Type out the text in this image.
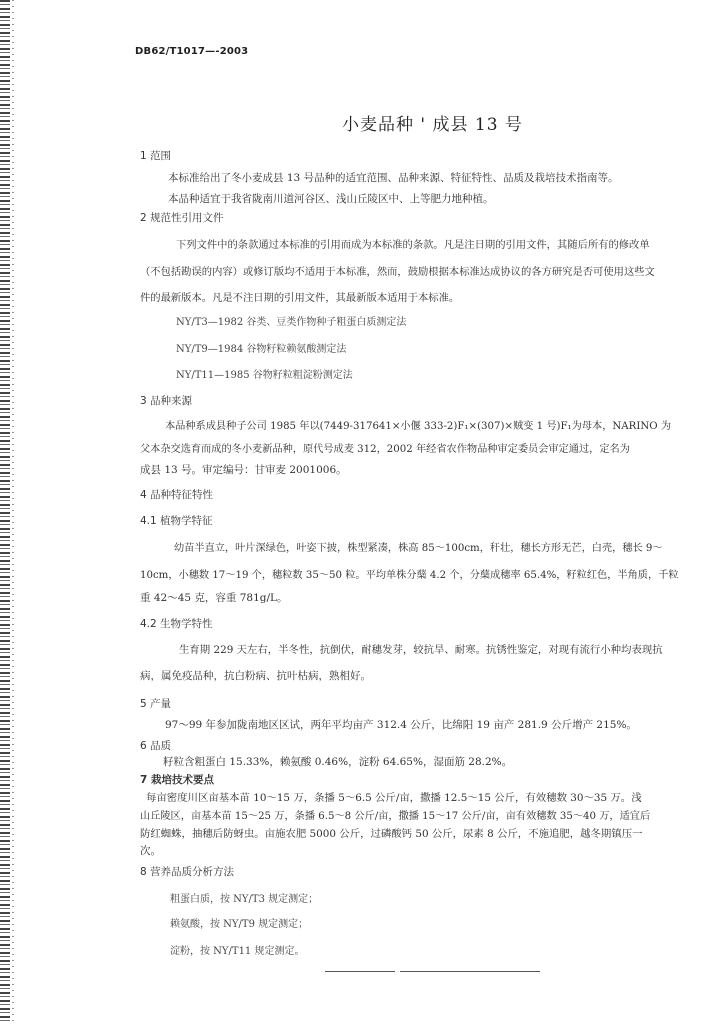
DB62/T1017—-2003
小麦品种 ' 成县 13 号
1 范围
本标准给出了冬小麦成县 13 号品种的适宜范围、品种来源、特征特性、品质及栽培技术指南等。
本品种适宜于我省陇南川道河谷区、浅山丘陵区中、上等肥力地种植。
2 规范性引用文件
下列文件中的条款通过本标准的引用而成为本标准的条款。凡是注日期的引用文件，其随后所有的修改单
（不包括勘误的内容）或修订版均不适用于本标准，然而，鼓励根据本标准达成协议的各方研究是否可使用这些文
件的最新版本。凡是不注日期的引用文件，其最新版本适用于本标准。
NY/T3—1982 谷类、豆类作物种子粗蛋白质测定法
NY/T9—1984 谷物籽粒赖氨酸测定法
NY/T11—1985 谷物籽粒粗淀粉测定法
3 品种来源
本品种系成县种子公司 1985 年以(7449-317641×小偃 333-2)F₁×(307)×贼变 1 号)F₁为母本，NARINO 为
父本杂交选育而成的冬小麦新品种，原代号成麦 312，2002 年经省农作物品种审定委员会审定通过，定名为
成县 13 号。审定编号：甘审麦 2001006。
4 品种特征特性
4.1 植物学特征
幼苗半直立，叶片深绿色，叶姿下披，株型紧凑，株高 85～100cm，秆壮，穗长方形无芒，白壳，穗长 9～
10cm，小穗数 17～19 个，穗粒数 35～50 粒。平均单株分蘖 4.2 个，分蘖成穗率 65.4%，籽粒红色，半角质，千粒
重 42～45 克，容重 781g/L。
4.2 生物学特性
生育期 229 天左右，半冬性，抗倒伏，耐穗发芽，较抗旱、耐寒。抗锈性鉴定，对现有流行小种均表现抗
病，属免疫品种，抗白粉病、抗叶枯病，熟相好。
5 产量
97～99 年参加陇南地区区试，两年平均亩产 312.4 公斤，比绵阳 19 亩产 281.9 公斤增产 215%。
6 品质
籽粒含粗蛋白 15.33%，赖氨酸 0.46%，淀粉 64.65%，湿面筋 28.2%。
7 栽培技术要点
每亩密度川区亩基本苗 10～15 万，条播 5～6.5 公斤/亩，撒播 12.5～15 公斤，有效穗数 30～35 万。浅
山丘陵区，亩基本苗 15～25 万，条播 6.5～8 公斤/亩，撒播 15～17 公斤/亩，亩有效穗数 35～40 万，适宜后
防红蜘蛛，抽穗后防蚜虫。亩施农肥 5000 公斤，过磷酸钙 50 公斤，尿素 8 公斤，不施追肥，越冬期镇压一
次。
8 营养品质分析方法
粗蛋白质，按 NY/T3 规定测定；
赖氨酸，按 NY/T9 规定测定；
淀粉，按 NY/T11 规定测定。
